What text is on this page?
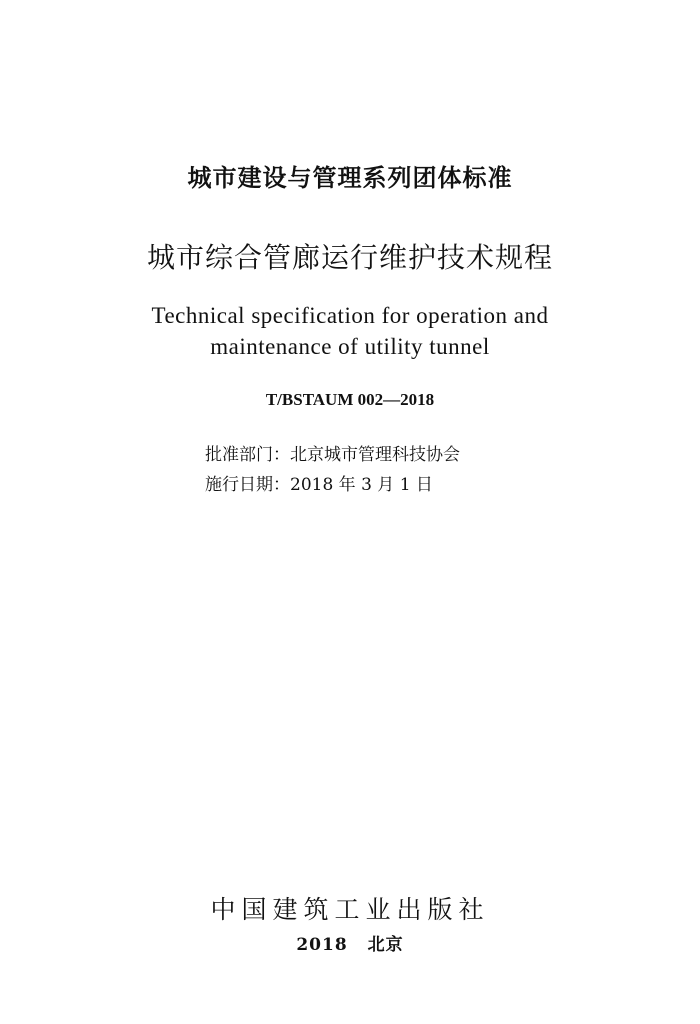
城市建设与管理系列团体标准
城市综合管廊运行维护技术规程
Technical specification for operation and
maintenance of utility tunnel
T/BSTAUM 002—2018
批准部门：北京城市管理科技协会
施行日期：2018 年 3 月 1 日
中国建筑工业出版社
2018 北京
